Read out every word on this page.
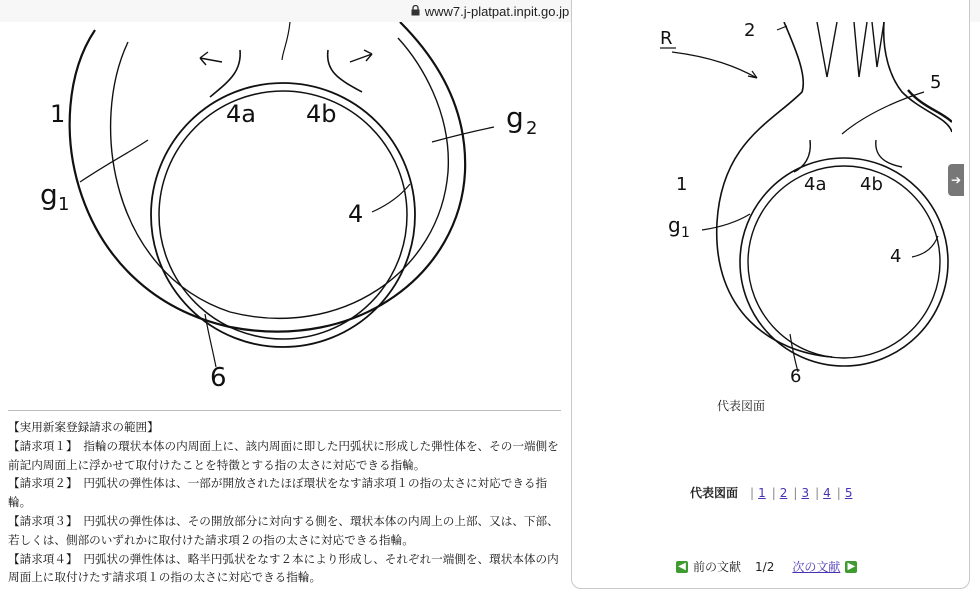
www7.j-platpat.inpit.go.jp
1
g 1
g 2
4a 4b
4
6

【実用新案登録請求の範囲】

【請求項１】　指輪の環状本体の内周面上に、該内周面に即した円弧状に形成した弾性体を、その一端側を前記内周面上に浮かせて取付けたことを特徴とする指の太さに対応できる指輪。

【請求項２】　円弧状の弾性体は、一部が開放されたほぼ環状をなす請求項１の指の太さに対応できる指輪。

【請求項３】　円弧状の弾性体は、その開放部分に対向する側を、環状本体の内周上の上部、又は、下部、若しくは、側部のいずれかに取付けた請求項２の指の太さに対応できる指輪。

【請求項４】　円弧状の弾性体は、略半円弧状をなす２本により形成し、それぞれ一端側を、環状本体の内周面上に取付けたす請求項１の指の太さに対応できる指輪。

R	2
5
1
g 1
4a 4b
4
6
代表図面
代表図面 | 1 | 2 | 3 | 4 | 5
◀ 前の文献 1/2 次の文献 ▶
➔
